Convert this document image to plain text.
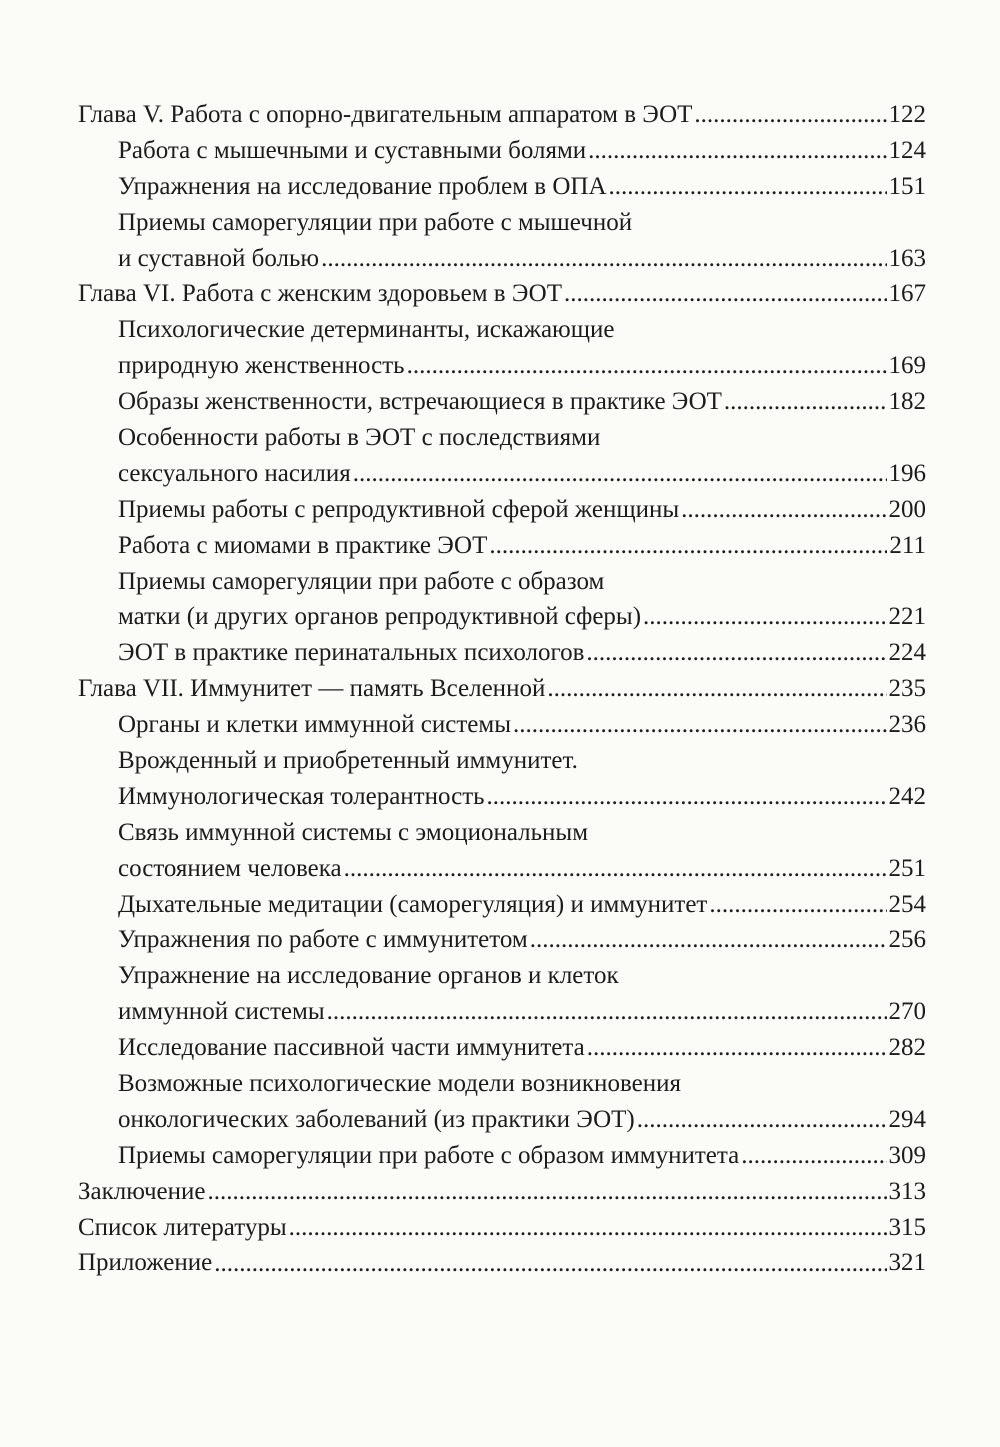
Глава V. Работа с опорно-двигательным аппаратом в ЭОТ .....	122
Работа с мышечными и суставными болями .....	124
Упражнения на исследование проблем в ОПА .....	151
Приемы саморегуляции при работе с мышечной
и суставной болью .....	163
Глава VI. Работа с женским здоровьем в ЭОТ .....	167
Психологические детерминанты, искажающие
природную женственность .....	169
Образы женственности, встречающиеся в практике ЭОТ .....	182
Особенности работы в ЭОТ с последствиями
сексуального насилия .....	196
Приемы работы с репродуктивной сферой женщины .....	200
Работа с миомами в практике ЭОТ .....	211
Приемы саморегуляции при работе с образом
матки (и других органов репродуктивной сферы) .....	221
ЭОТ в практике перинатальных психологов .....	224
Глава VII. Иммунитет — память Вселенной .....	235
Органы и клетки иммунной системы .....	236
Врожденный и приобретенный иммунитет.
Иммунологическая толерантность .....	242
Связь иммунной системы с эмоциональным
состоянием человека .....	251
Дыхательные медитации (саморегуляция) и иммунитет .....	254
Упражнения по работе с иммунитетом .....	256
Упражнение на исследование органов и клеток
иммунной системы .....	270
Исследование пассивной части иммунитета .....	282
Возможные психологические модели возникновения
онкологических заболеваний (из практики ЭОТ) .....	294
Приемы саморегуляции при работе с образом иммунитета .....	309
Заключение .....	313
Список литературы .....	315
Приложение .....	321
